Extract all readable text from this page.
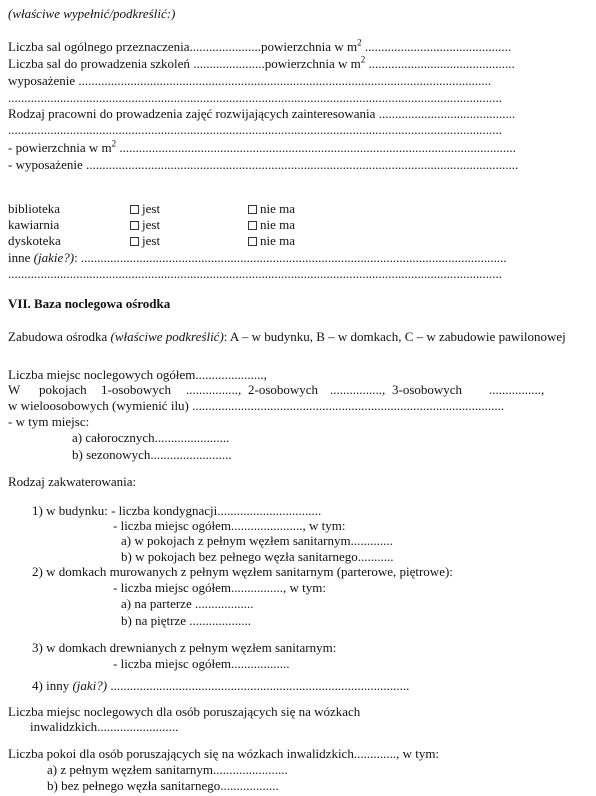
(właściwe wypełnić/podkreślić:)
Liczba sal ogólnego przeznaczenia......................powierzchnia w $m^2$ .............................................
Liczba sal do prowadzenia szkoleń ......................powierzchnia w $m^2$ .............................................
wyposażenie ...............................................................................................................................
........................................................................................................................................................
Rodzaj pracowni do prowadzenia zajęć rozwijających zainteresowania ..........................................
........................................................................................................................................................
- powierzchnia w $m^2$ ..........................................................................................................................
- wyposażenie .....................................................................................................................................
biblioteka	jest	nie ma
kawiarnia	jest	nie ma
dyskoteka	jest	nie ma
inne (jakie?): ...................................................................................................................................
........................................................................................................................................................
VII. Baza noclegowa ośrodka
Zabudowa ośrodka (właściwe podkreślić): A – w budynku, B – w domkach, C – w zabudowie pawilonowej
Liczba miejsc noclegowych ogółem.....................,
W pokojach 1-osobowych ................, 2-osobowych ................, 3-osobowych ................,
w wieloosobowych (wymienić ilu) ................................................................................................
- w tym miejsc:
a) całorocznych.......................
b) sezonowych.........................
Rodzaj zakwaterowania:
1) w budynku: - liczba kondygnacji................................
- liczba miejsc ogółem......................, w tym:
a) w pokojach z pełnym węzłem sanitarnym.............
b) w pokojach bez pełnego węzła sanitarnego...........
2) w domkach murowanych z pełnym węzłem sanitarnym (parterowe, piętrowe):
- liczba miejsc ogółem................, w tym:
a) na parterze ..................
b) na piętrze ...................
3) w domkach drewnianych z pełnym węzłem sanitarnym:
- liczba miejsc ogółem..................
4) inny (jaki?) ............................................................................................
Liczba miejsc noclegowych dla osób poruszających się na wózkach
inwalidzkich.........................
Liczba pokoi dla osób poruszających się na wózkach inwalidzkich............., w tym:
a) z pełnym węzłem sanitarnym.......................
b) bez pełnego węzła sanitarnego..................
